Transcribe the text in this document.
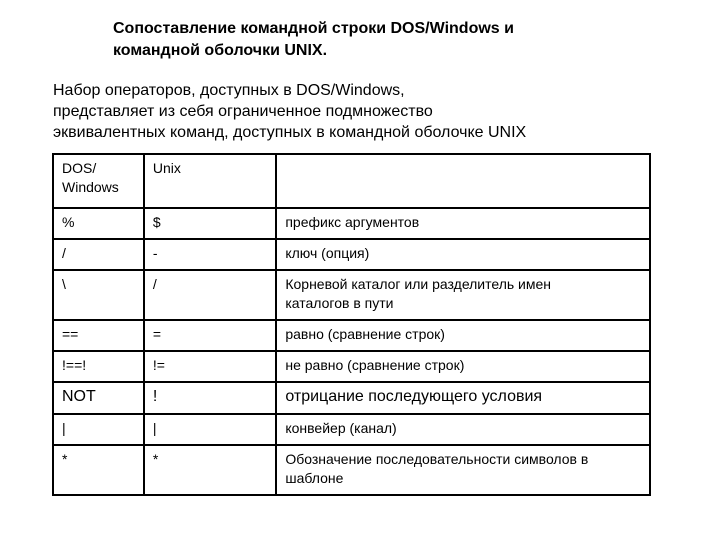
Сопоставление командной строки DOS/Windows и
командной оболочки UNIX.
Набор операторов, доступных в DOS/Windows,
представляет из себя ограниченное подмножество
эквивалентных команд, доступных в командной оболочке UNIX
DOS/
Windows	Unix	
%	$	префикс аргументов
/	-	ключ (опция)
\	/	Корневой каталог или разделитель имен
каталогов в пути

==	=	равно (сравнение строк)
!==!	!=	не равно (сравнение строк)
NOT	!	отрицание последующего условия
|	|	конвейер (канал)
*	*	Обозначение последовательности символов в
шаблоне
